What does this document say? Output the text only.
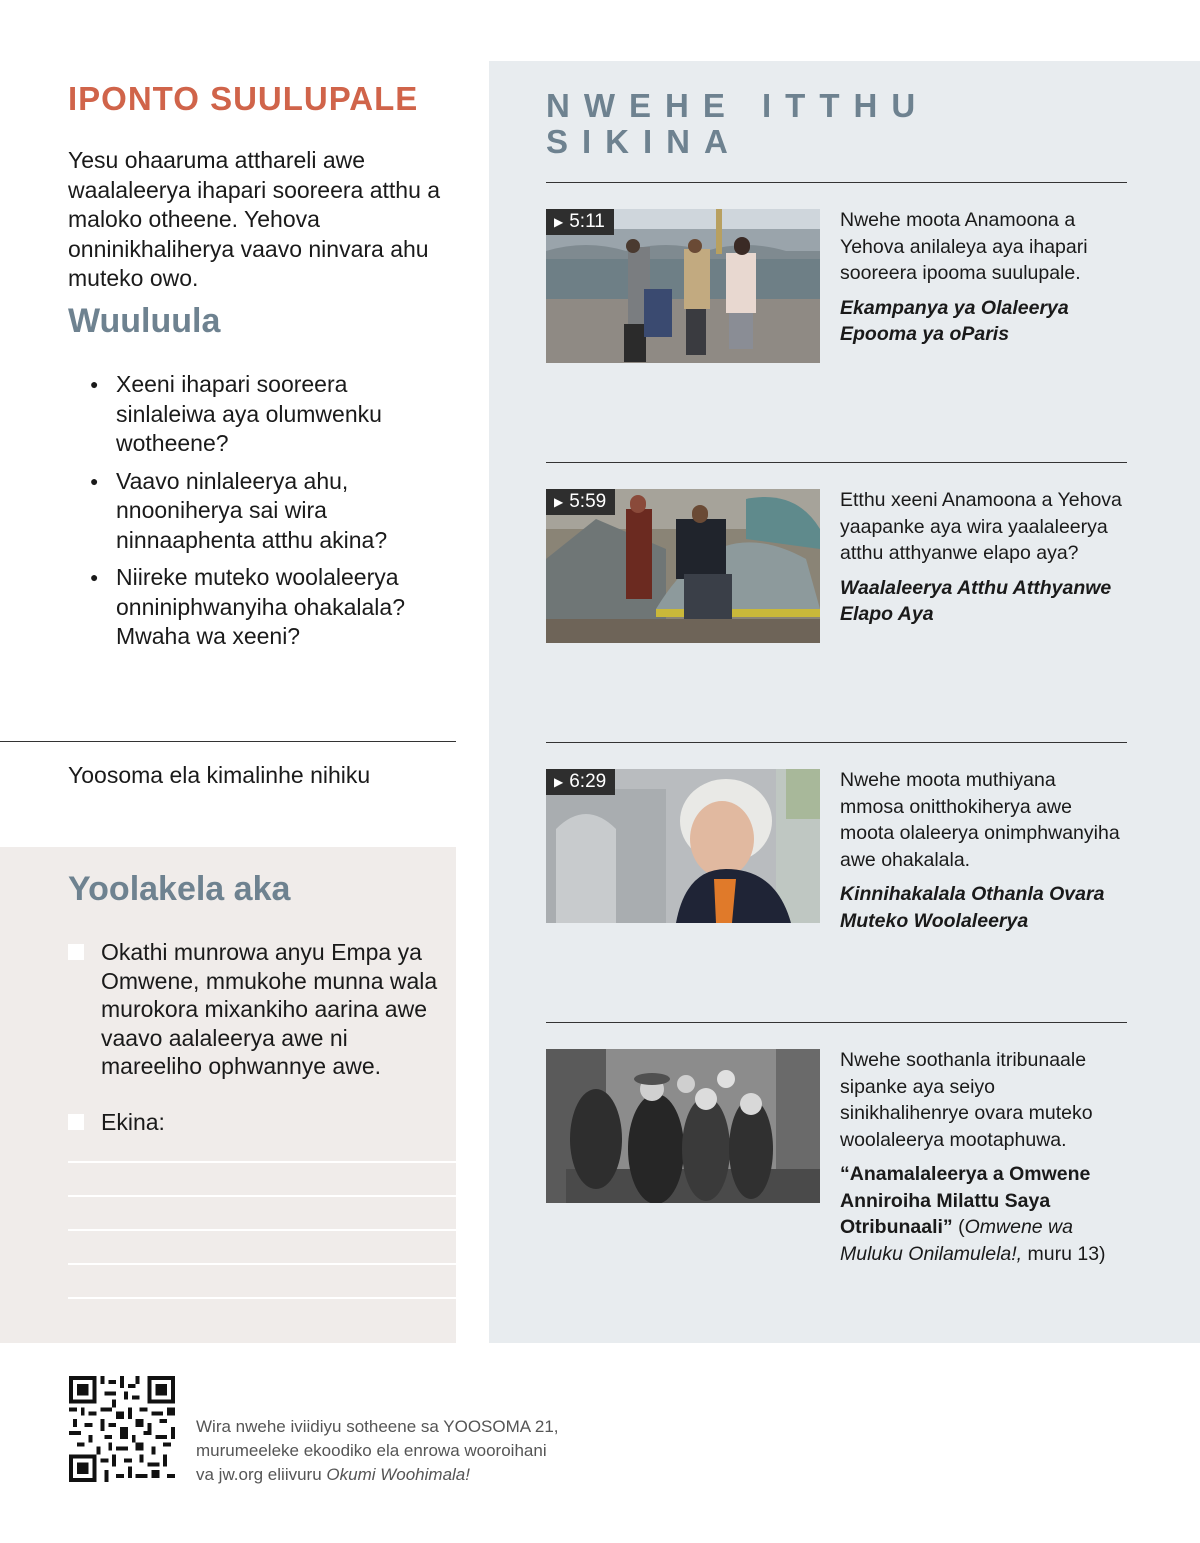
IPONTO SUULUPALE
Yesu ohaaruma atthareli awe waalaleerya ihapari sooreera atthu a maloko otheene. Yehova onninikhaliherya vaavo ninvara ahu muteko owo.
Wuuluula
● Xeeni ihapari sooreera sinlaleiwa aya olumwenku wotheene?
● Vaavo ninlaleerya ahu, nnooniherya sai wira ninnaaphenta atthu akina?
● Niireke muteko woolaleerya onniniphwanyiha ohakalala? Mwaha wa xeeni?
Yoosoma ela kimalinhe nihiku
Yoolakela aka
Okathi munrowa anyu Empa ya Omwene, mmukohe munna wala murokora mixankiho aarina awe vaavo aalaleerya awe ni mareeliho ophwannye awe.
Ekina:
NWEHE ITTHU SIKINA
▶ 5:11	Nwehe moota Anamoona a Yehova anilaleya aya ihapari sooreera ipooma suulupale.
Ekampanya ya Olaleerya Epooma ya oParis
▶ 5:59	Etthu xeeni Anamoona a Yehova yaapanke aya wira yaalaleerya atthu atthyanwe elapo aya?
Waalaleerya Atthu Atthyanwe Elapo Aya
▶ 6:29	Nwehe moota muthiyana mmosa onitthokiherya awe moota olaleerya onimphwanyiha awe ohakalala.
Kinnihakalala Othanla Ovara Muteko Woolaleerya
Nwehe soothanla itribunaale sipanke aya seiyo sinikhalihenrye ovara muteko woolaleerya mootaphuwa.
“Anamalaleerya a Omwene Anniroiha Milattu Saya Otribunaali” (Omwene wa Muluku Onilamulela!, muru 13)
Wira nwehe iviidiyu sotheene sa YOOSOMA 21,
murumeeleke ekoodiko ela enrowa wooroihani
va jw.org eliivuru Okumi Woohimala!
